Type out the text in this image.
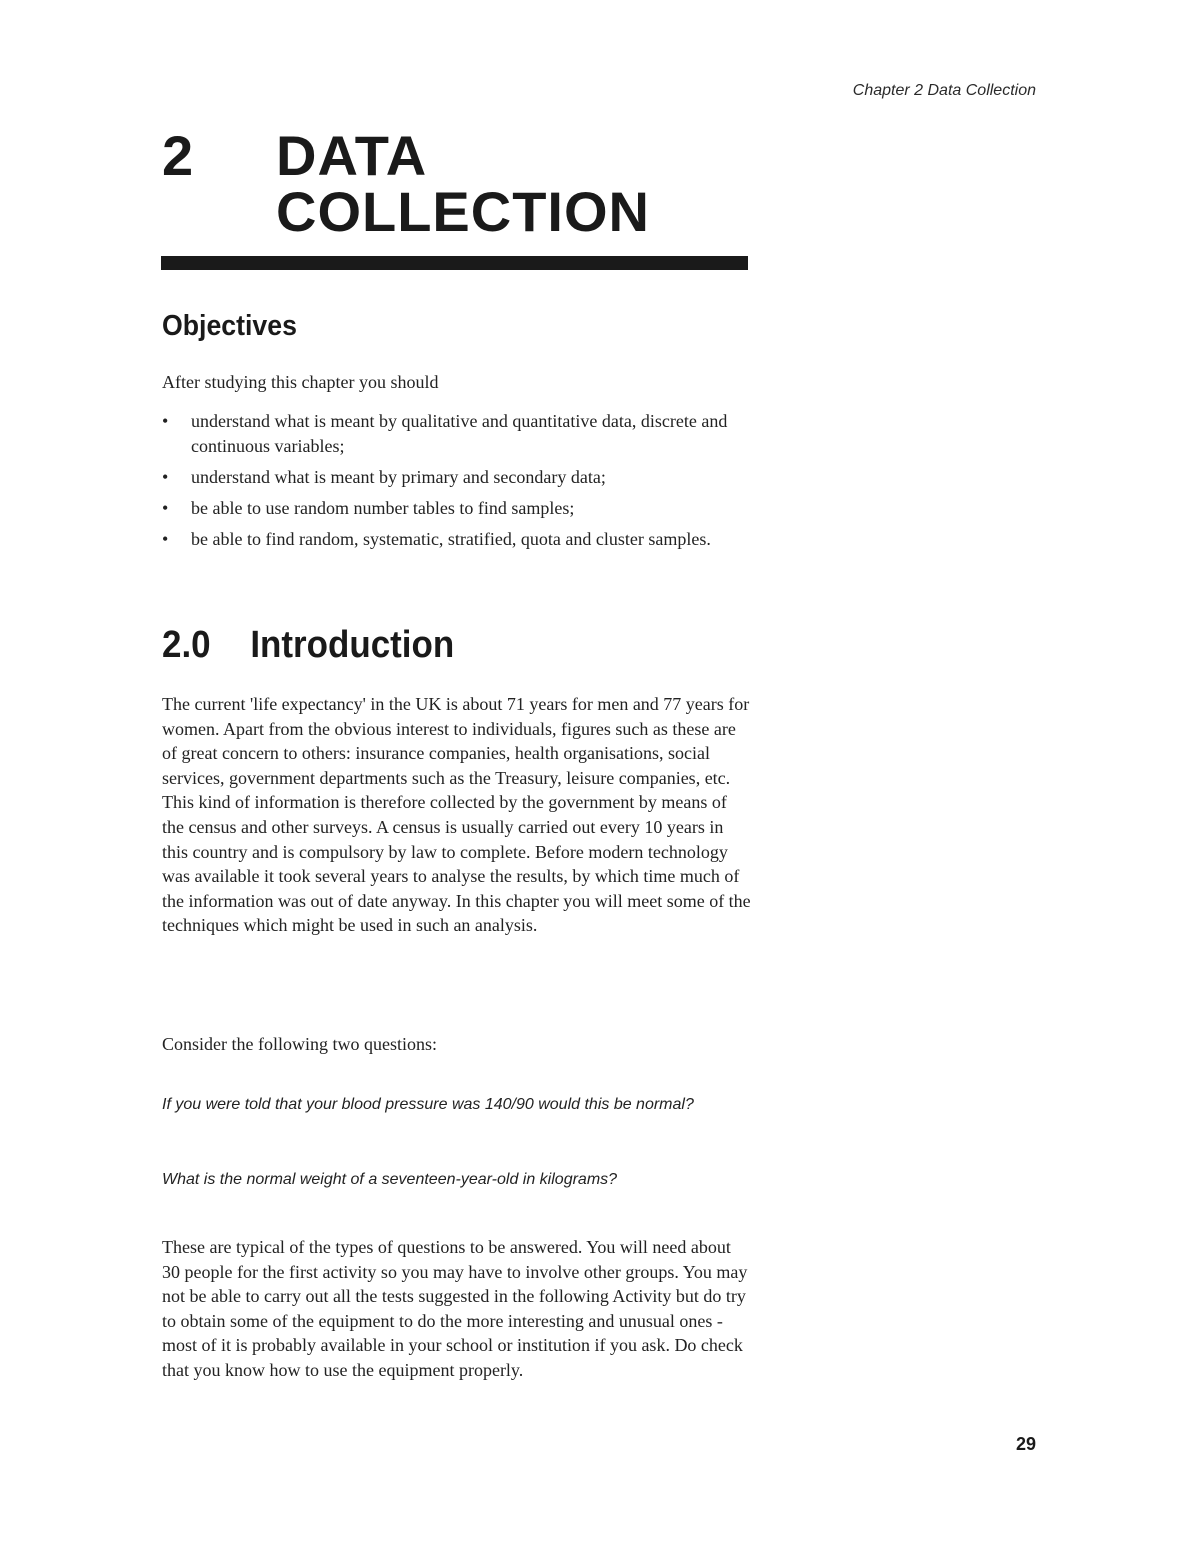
Chapter 2 Data Collection
2 DATA
COLLECTION
Objectives
After studying this chapter you should
• understand what is meant by qualitative and quantitative data, discrete and continuous variables;
• understand what is meant by primary and secondary data;
• be able to use random number tables to find samples;
• be able to find random, systematic, stratified, quota and cluster samples.
2.0 Introduction
The current 'life expectancy' in the UK is about 71 years for men and 77 years for women. Apart from the obvious interest to individuals, figures such as these are of great concern to others: insurance companies, health organisations, social services, government departments such as the Treasury, leisure companies, etc. This kind of information is therefore collected by the government by means of the census and other surveys. A census is usually carried out every 10 years in this country and is compulsory by law to complete. Before modern technology was available it took several years to analyse the results, by which time much of the information was out of date anyway. In this chapter you will meet some of the techniques which might be used in such an analysis.
Consider the following two questions:
If you were told that your blood pressure was 140/90 would this be normal?
What is the normal weight of a seventeen-year-old in kilograms?
These are typical of the types of questions to be answered. You will need about 30 people for the first activity so you may have to involve other groups. You may not be able to carry out all the tests suggested in the following Activity but do try to obtain some of the equipment to do the more interesting and unusual ones - most of it is probably available in your school or institution if you ask. Do check that you know how to use the equipment properly.
29
